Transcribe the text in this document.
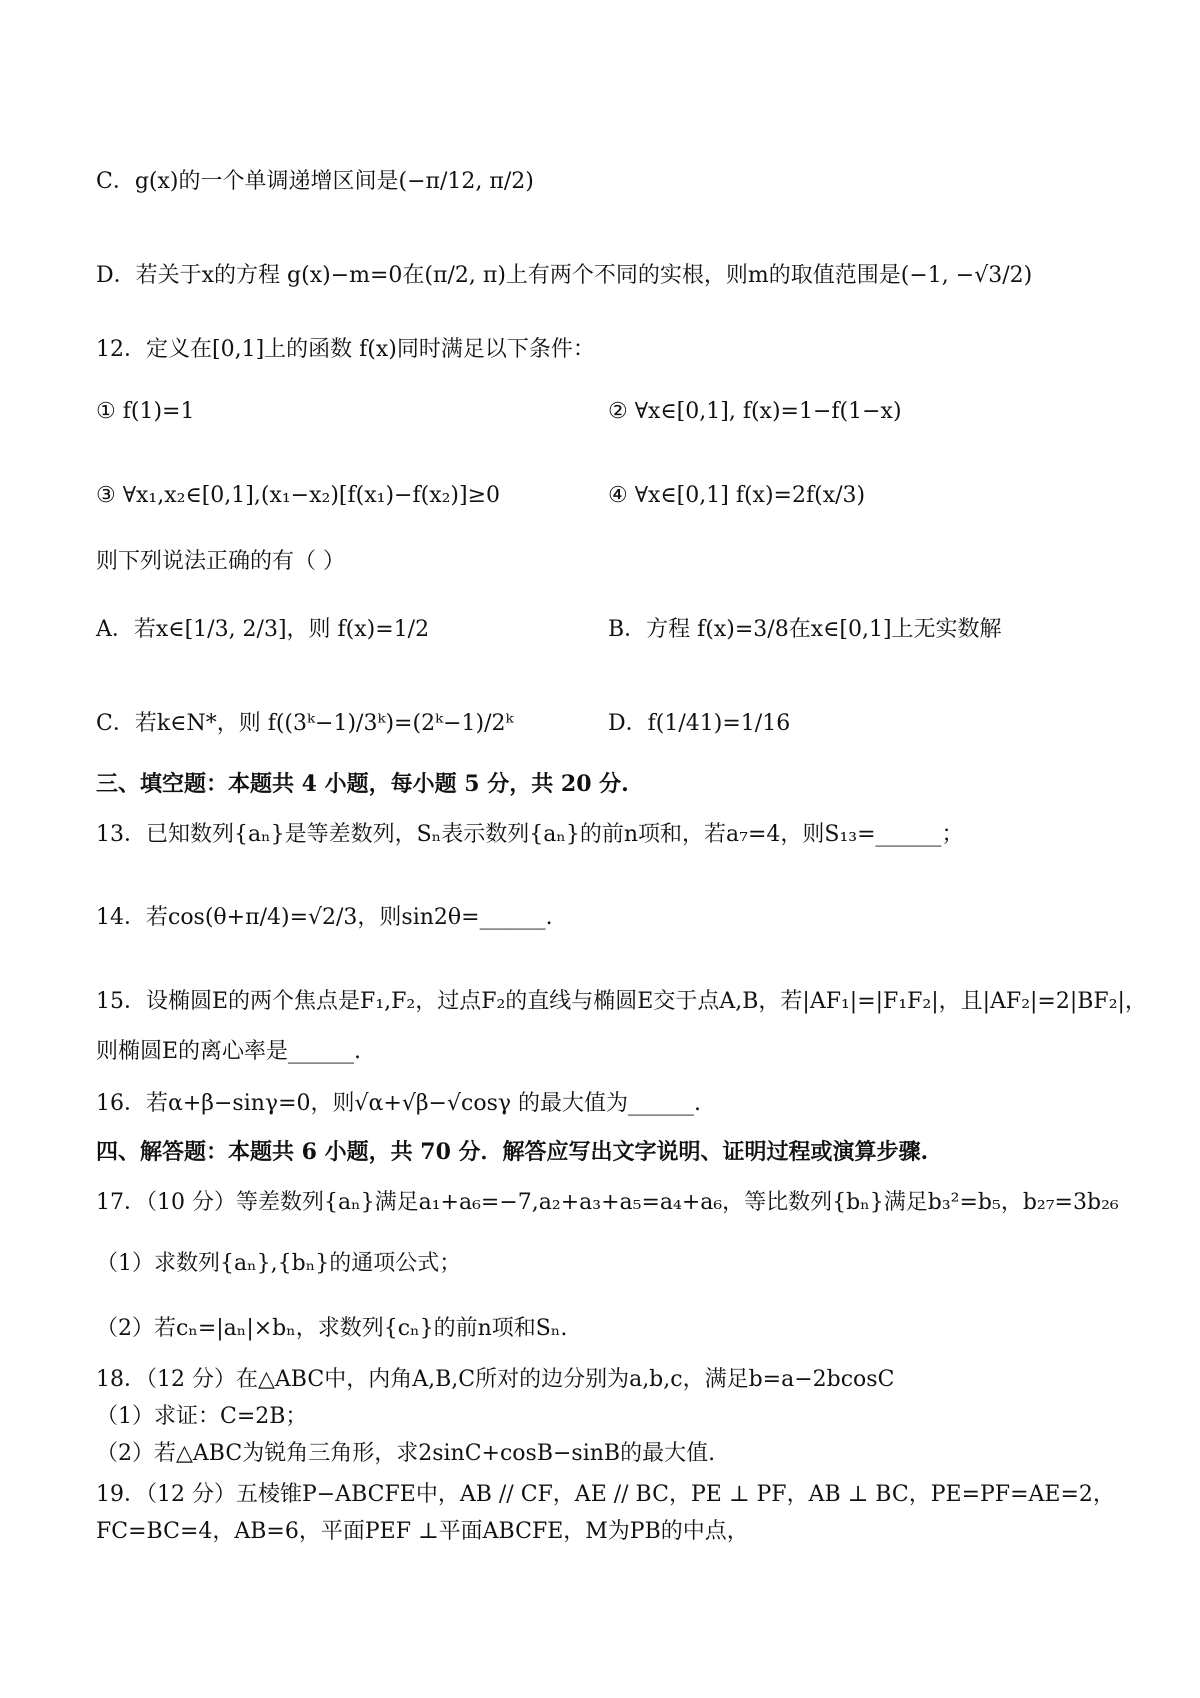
C．g(x)的一个单调递增区间是(−π/12, π/2)
D．若关于x的方程 g(x)−m=0在(π/2, π)上有两个不同的实根，则m的取值范围是(−1, −√3/2)
12．定义在[0,1]上的函数 f(x)同时满足以下条件：
① f(1)=1	② ∀x∈[0,1], f(x)=1−f(1−x)
③ ∀x₁,x₂∈[0,1],(x₁−x₂)[f(x₁)−f(x₂)]≥0	④ ∀x∈[0,1] f(x)=2f(x/3)
则下列说法正确的有（ ）
A．若x∈[1/3, 2/3]，则 f(x)=1/2	B．方程 f(x)=3/8在x∈[0,1]上无实数解
C．若k∈N*，则 f((3ᵏ−1)/3ᵏ)=(2ᵏ−1)/2ᵏ	D．f(1/41)=1/16
三、填空题：本题共 4 小题，每小题 5 分，共 20 分.
13．已知数列{aₙ}是等差数列，Sₙ表示数列{aₙ}的前n项和，若a₇=4，则S₁₃=______；
14．若cos(θ+π/4)=√2/3，则sin2θ=______.
15．设椭圆E的两个焦点是F₁,F₂，过点F₂的直线与椭圆E交于点A,B，若|AF₁|=|F₁F₂|，且|AF₂|=2|BF₂|，
则椭圆E的离心率是______.
16．若α+β−sinγ=0，则√α+√β−√cosγ 的最大值为______.
四、解答题：本题共 6 小题，共 70 分．解答应写出文字说明、证明过程或演算步骤.
17．（10 分）等差数列{aₙ}满足a₁+a₆=−7,a₂+a₃+a₅=a₄+a₆，等比数列{bₙ}满足b₃²=b₅，b₂₇=3b₂₆
（1）求数列{aₙ},{bₙ}的通项公式；
（2）若cₙ=|aₙ|×bₙ，求数列{cₙ}的前n项和Sₙ.
18．（12 分）在△ABC中，内角A,B,C所对的边分别为a,b,c，满足b=a−2bcosC
（1）求证：C=2B；
（2）若△ABC为锐角三角形，求2sinC+cosB−sinB的最大值.
19．（12 分）五棱锥P−ABCFE中，AB // CF，AE // BC，PE ⊥ PF，AB ⊥ BC，PE=PF=AE=2，
FC=BC=4，AB=6，平面PEF ⊥平面ABCFE，M为PB的中点，
